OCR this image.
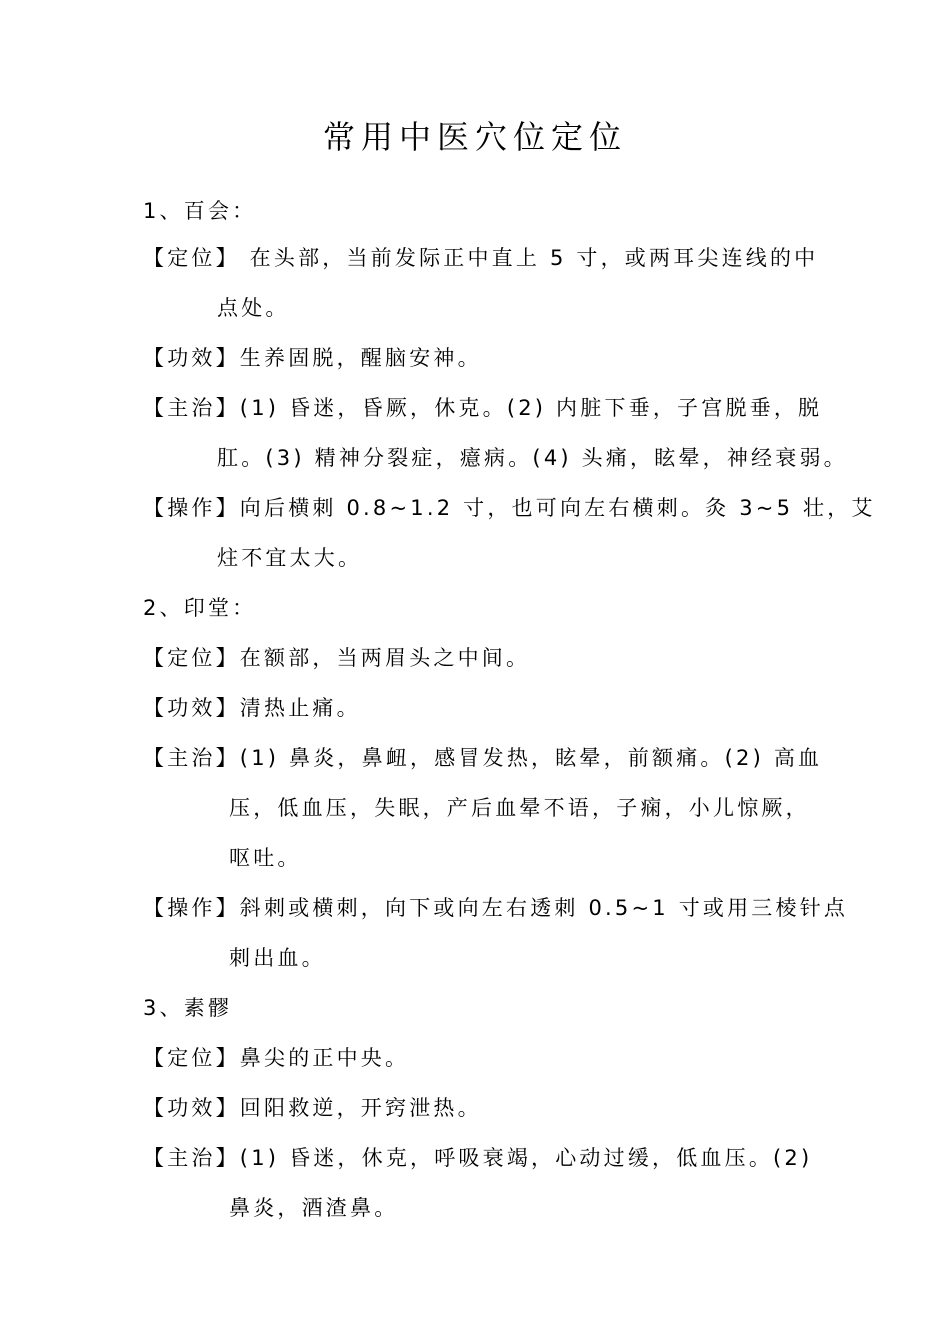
常用中医穴位定位
1、百会：
【定位】 在头部，当前发际正中直上 5 寸，或两耳尖连线的中
点处。
【功效】生养固脱，醒脑安神。
【主治】(1) 昏迷，昏厥，休克。(2) 内脏下垂，子宫脱垂，脱
肛。(3) 精神分裂症，癔病。(4) 头痛，眩晕，神经衰弱。
【操作】向后横刺 0.8~1.2 寸，也可向左右横刺。灸 3~5 壮，艾
炷不宜太大。
2、印堂：
【定位】在额部，当两眉头之中间。
【功效】清热止痛。
【主治】(1) 鼻炎，鼻衄，感冒发热，眩晕，前额痛。(2) 高血
压，低血压，失眠，产后血晕不语，子痫，小儿惊厥，
呕吐。
【操作】斜刺或横刺，向下或向左右透刺 0.5~1 寸或用三棱针点
刺出血。
3、素髎
【定位】鼻尖的正中央。
【功效】回阳救逆，开窍泄热。
【主治】(1) 昏迷，休克，呼吸衰竭，心动过缓，低血压。(2)
鼻炎，酒渣鼻。
